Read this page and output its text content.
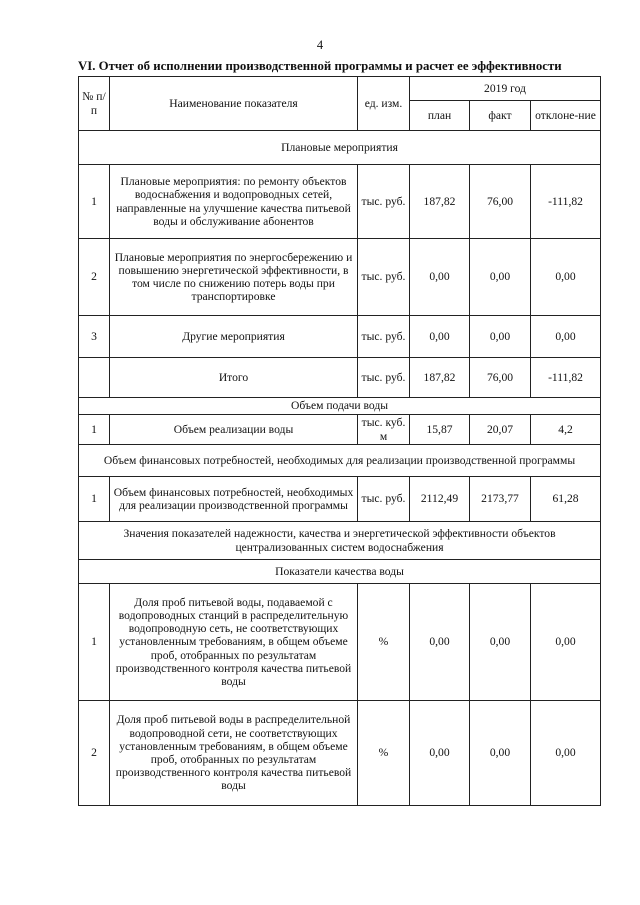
4
VI. Отчет об исполнении производственной программы и расчет ее эффективности
№ п/п	Наименование показателя	ед. изм.	2019 год		
			план	факт	отклоне-ние
Плановые мероприятия					
1	Плановые мероприятия: по ремонту объектов водоснабжения и водопроводных сетей, направленные на улучшение качества питьевой воды и обслуживание абонентов	тыс. руб.	187,82	76,00	-111,82
2	Плановые мероприятия по энергосбережению и повышению энергетической эффективности, в том числе по снижению потерь воды при транспортировке	тыс. руб.	0,00	0,00	0,00
3	Другие мероприятия	тыс. руб.	0,00	0,00	0,00
	Итого	тыс. руб.	187,82	76,00	-111,82
Объем подачи воды					
1	Объем реализации воды	тыс. куб. м	15,87	20,07	4,2
Объем финансовых потребностей, необходимых для реализации производственной программы					
1	Объем финансовых потребностей, необходимых для реализации производственной программы	тыс. руб.	2112,49	2173,77	61,28
Значения показателей надежности, качества и энергетической эффективности объектов централизованных систем водоснабжения					
Показатели качества воды					
1	Доля проб питьевой воды, подаваемой с водопроводных станций в распределительную водопроводную сеть, не соответствующих установленным требованиям, в общем объеме проб, отобранных по результатам производственного контроля качества питьевой воды	%	0,00	0,00	0,00
2	Доля проб питьевой воды в распределительной водопроводной сети, не соответствующих установленным требованиям, в общем объеме проб, отобранных по результатам производственного контроля качества питьевой воды	%	0,00	0,00	0,00
